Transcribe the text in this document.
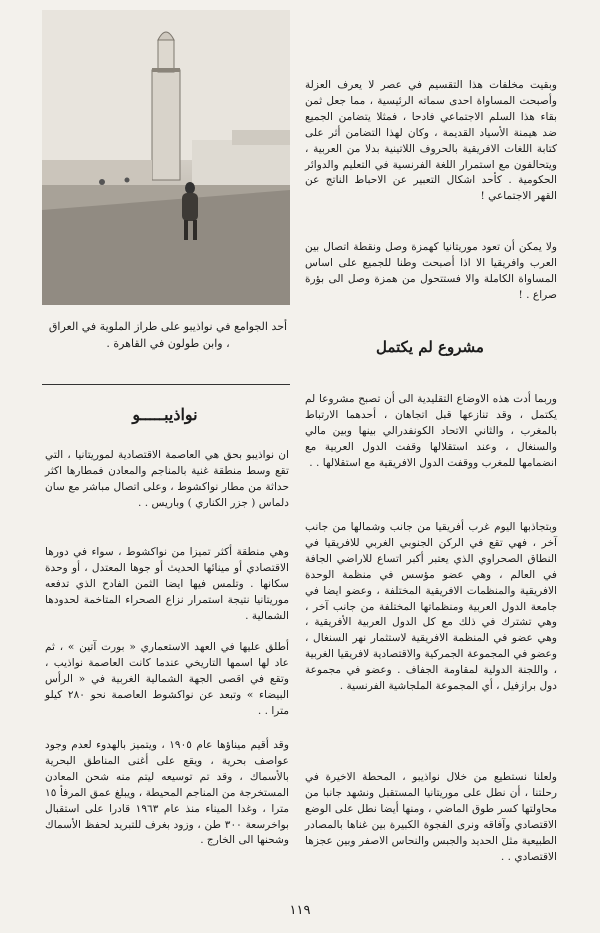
أحد الجوامع في نواذيبو على طراز الملوية في العراق ، وابن طولون في القاهرة .
وبقيت مخلفات هذا التقسيم في عصر لا يعرف العزلة وأصبحت المساواة احدى سماته الرئيسية ، مما جعل ثمن بقاء هذا السلم الاجتماعي فادحا ، فمثلا يتضامن الجميع ضد هيمنة الأسياد القديمة ، وكان لهذا التضامن أثر على كتابة اللغات الافريقية بالحروف اللاتينية بدلا من العربية ، ويتحالفون مع استمرار اللغة الفرنسية في التعليم والدوائر الحكومية . كأحد اشكال التعبير عن الاحباط الناتج عن القهر الاجتماعي !
ولا يمكن أن تعود موريتانيا كهمزة وصل ونقطة اتصال بين العرب وافريقيا الا اذا أصبحت وطنا للجميع على اساس المساواة الكاملة والا فستتحول من همزة وصل الى بؤرة صراع . !
مشروع لم يكتمل
وربما أدت هذه الاوضاع التقليدية الى أن تصبح مشروعا لم يكتمل ، وقد تنازعها قبل اتجاهان ، أحدهما الارتباط بالمغرب ، والثاني الاتحاد الكونفدرالي بينها وبين مالي والسنغال ، وعند استقلالها وقفت الدول العربية مع انضمامها للمغرب ووقفت الدول الافريقية مع استقلالها . .
وبتجاذبها اليوم غرب أفريقيا من جانب وشمالها من جانب آخر ، فهي تقع في الركن الجنوبي الغربي للافريقيا في النطاق الصحراوي الذي يعتبر أكبر اتساع للاراضي الجافة في العالم ، وهي عضو مؤسس في منظمة الوحدة الافريقية والمنظمات الافريقية المختلفة ، وعضو ايضا في جامعة الدول العربية ومنظماتها المختلفة من جانب آخر ، وهي تشترك في ذلك مع كل الدول العربية الأفريقية ، وهي عضو في المنظمة الافريقية لاستثمار نهر السنغال ، وعضو في المجموعة الجمركية والاقتصادية لافريقيا الغربية ، واللجنة الدولية لمقاومة الجفاف . وعضو في مجموعة دول برازفيل ، أي المجموعة الملجاشية الفرنسية .
ولعلنا نستطيع من خلال نواذيبو ، المحطة الاخيرة في رحلتنا ، أن نطل على موريتانيا المستقبل ونشهد جانبا من محاولتها كسر طوق الماضي ، ومنها أيضا نطل على الوضع الاقتصادي وآفاقه ونرى الفجوة الكبيرة بين غناها بالمصادر الطبيعية مثل الحديد والجبس والنحاس الاصفر وبين عجزها الاقتصادي . .
نواذيبـــــو
ان نواذيبو بحق هي العاصمة الاقتصادية لموريتانيا ، التي تقع وسط منطقة غنية بالمناجم والمعادن فمطارها اكثر حداثة من مطار نواكشوط ، وعلى اتصال مباشر مع سان دلماس ( جزر الكناري ) وباريس . .
وهي منطقة أكثر تميزا من نواكشوط ، سواء في دورها الاقتصادي أو مينائها الحديث أو جوها المعتدل ، أو وحدة سكانها . وتلمس فيها ايضا الثمن الفادح الذي تدفعه موريتانيا نتيجة استمرار نزاع الصحراء المتاخمة لحدودها الشمالية .
أطلق عليها في العهد الاستعماري « بورت آتين » ، ثم عاد لها اسمها التاريخي عندما كانت العاصمة نواذيب ، وتقع في اقصى الجهة الشمالية الغربية في « الرأس البيضاء » وتبعد عن نواكشوط العاصمة نحو ٢٨٠ كيلو مترا . .
وقد أقيم ميناؤها عام ١٩٠٥ ، ويتميز بالهدوء لعدم وجود عواصف بحرية ، ويقع على أغنى المناطق البحرية بالأسماك ، وقد تم توسيعه ليتم منه شحن المعادن المستخرجة من المناجم المحيطة ، ويبلغ عمق المرفأ ١٥ مترا ، وغدا الميناء منذ عام ١٩٦٣ قادرا على استقبال بواخرسعة ٣٠٠ طن ، وزود بغرف للتبريد لحفظ الأسماك وشحنها الى الخارج .
١١٩
